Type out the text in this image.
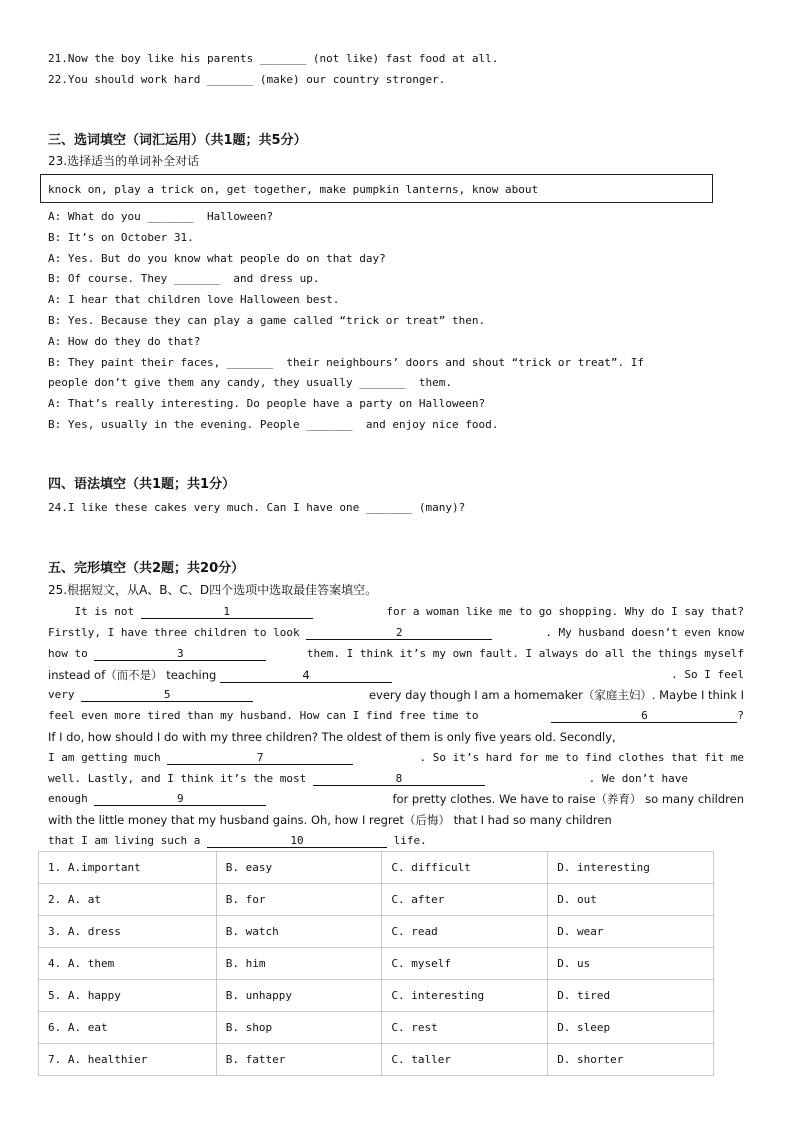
21.Now the boy like his parents _______ (not like) fast food at all.
22.You should work hard _______ (make) our country stronger.
三、选词填空（词汇运用）（共1题；共5分）
23.选择适当的单词补全对话
knock on, play a trick on, get together, make pumpkin lanterns, know about
A: What do you _______  Halloween?
B: It’s on October 31.
A: Yes. But do you know what people do on that day?
B: Of course. They _______  and dress up.
A: I hear that children love Halloween best.
B: Yes. Because they can play a game called “trick or treat” then.
A: How do they do that?
B: They paint their faces, _______  their neighbours’ doors and shout “trick or treat”. If
people don’t give them any candy, they usually _______  them.
A: That’s really interesting. Do people have a party on Halloween?
B: Yes, usually in the evening. People _______  and enjoy nice food.
四、语法填空（共1题；共1分）
24.I like these cakes very much. Can I have one _______ (many)?
五、完形填空（共2题；共20分）
25.根据短文，从A、B、C、D四个选项中选取最佳答案填空。
It is not	1	for a woman like me to go shopping. Why do I say that?
Firstly, I have three children to look	2	. My husband doesn’t even know
how to	3	them. I think it’s my own fault. I always do all the things myself
instead of（而不是） teaching	4	. So I feel
very	5	every day though I am a homemaker（家庭主妇）. Maybe I think I
feel even more tired than my husband. How can I find free time to	6	?
If I do, how should I do with my three children? The oldest of them is only five years old. Secondly,
I am getting much	7	. So it’s hard for me to find clothes that fit me
well. Lastly, and I think it’s the most	8	. We don’t have
enough	9	for pretty clothes. We have to raise（养育） so many children
with the little money that my husband gains. Oh, how I regret（后悔） that I had so many children
that I am living such a	10	life.
1. A.important	B. easy	C. difficult	D. interesting
2. A. at	B. for	C. after	D. out
3. A. dress	B. watch	C. read	D. wear
4. A. them	B. him	C. myself	D. us
5. A. happy	B. unhappy	C. interesting	D. tired
6. A. eat	B. shop	C. rest	D. sleep
7. A. healthier	B. fatter	C. taller	D. shorter
